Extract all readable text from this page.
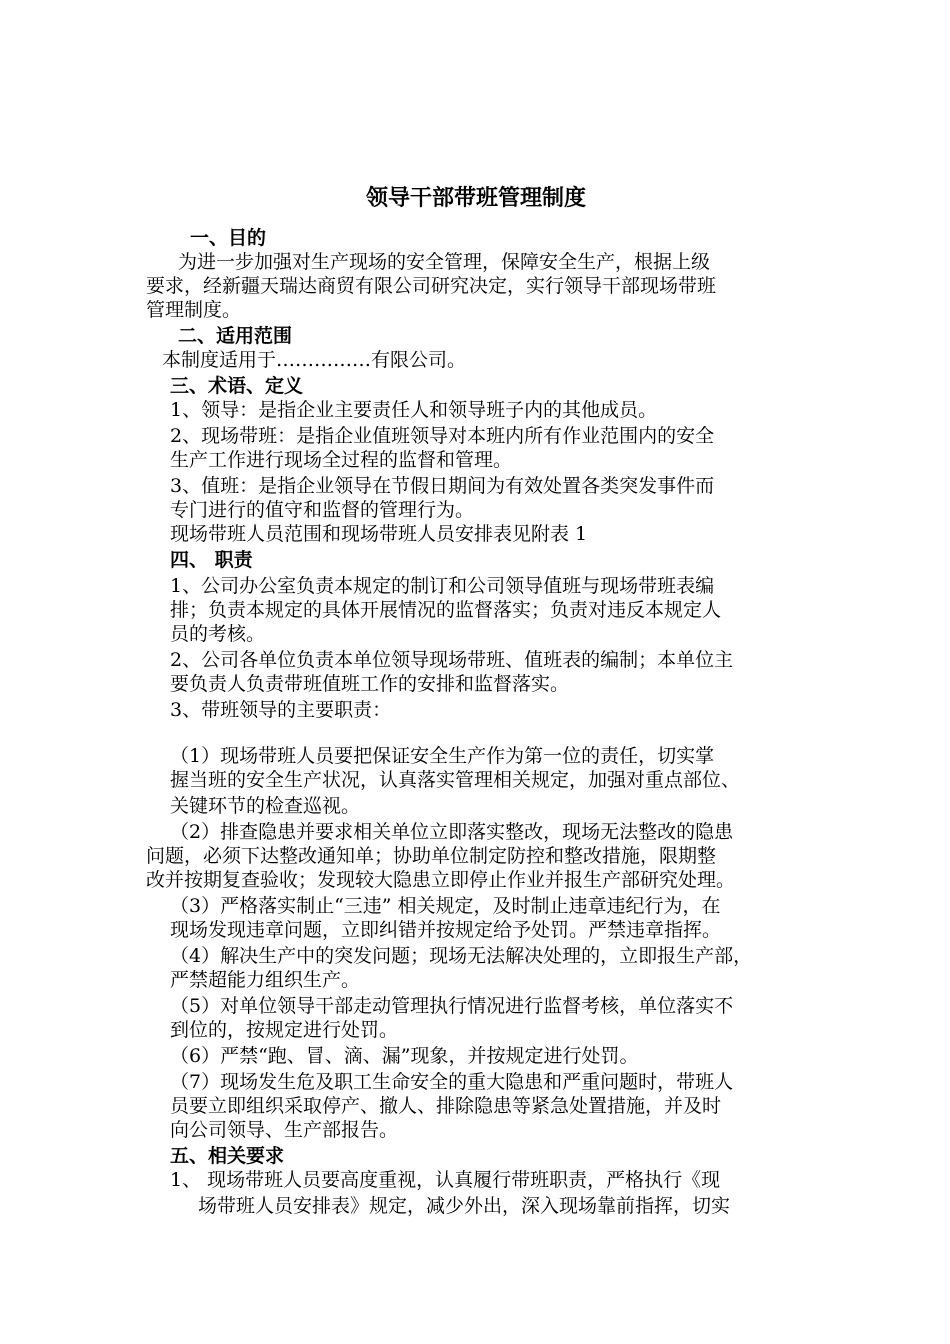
领导干部带班管理制度
一、目的
为进一步加强对生产现场的安全管理，保障安全生产，根据上级
要求，经新疆天瑞达商贸有限公司研究决定，实行领导干部现场带班
管理制度。
二、适用范围
本制度适用于……………有限公司。
三、术语、定义
1、领导：是指企业主要责任人和领导班子内的其他成员。
2、现场带班：是指企业值班领导对本班内所有作业范围内的安全
生产工作进行现场全过程的监督和管理。
3、值班：是指企业领导在节假日期间为有效处置各类突发事件而
专门进行的值守和监督的管理行为。
现场带班人员范围和现场带班人员安排表见附表 1
四、 职责
1、公司办公室负责本规定的制订和公司领导值班与现场带班表编
排；负责本规定的具体开展情况的监督落实；负责对违反本规定人
员的考核。
2、公司各单位负责本单位领导现场带班、值班表的编制；本单位主
要负责人负责带班值班工作的安排和监督落实。
3、带班领导的主要职责：
（1）现场带班人员要把保证安全生产作为第一位的责任，切实掌
握当班的安全生产状况，认真落实管理相关规定，加强对重点部位、
关键环节的检查巡视。
（2）排查隐患并要求相关单位立即落实整改，现场无法整改的隐患
问题，必须下达整改通知单；协助单位制定防控和整改措施，限期整
改并按期复查验收；发现较大隐患立即停止作业并报生产部研究处理。
（3）严格落实制止“三违” 相关规定，及时制止违章违纪行为，在
现场发现违章问题，立即纠错并按规定给予处罚。严禁违章指挥。
（4）解决生产中的突发问题；现场无法解决处理的，立即报生产部，
严禁超能力组织生产。
（5）对单位领导干部走动管理执行情况进行监督考核，单位落实不
到位的，按规定进行处罚。
（6）严禁“跑、冒、滴、漏”现象，并按规定进行处罚。
（7）现场发生危及职工生命安全的重大隐患和严重问题时，带班人
员要立即组织采取停产、撤人、排除隐患等紧急处置措施，并及时
向公司领导、生产部报告。
五、相关要求
1、 现场带班人员要高度重视，认真履行带班职责，严格执行《现
场带班人员安排表》规定，减少外出，深入现场靠前指挥，切实
